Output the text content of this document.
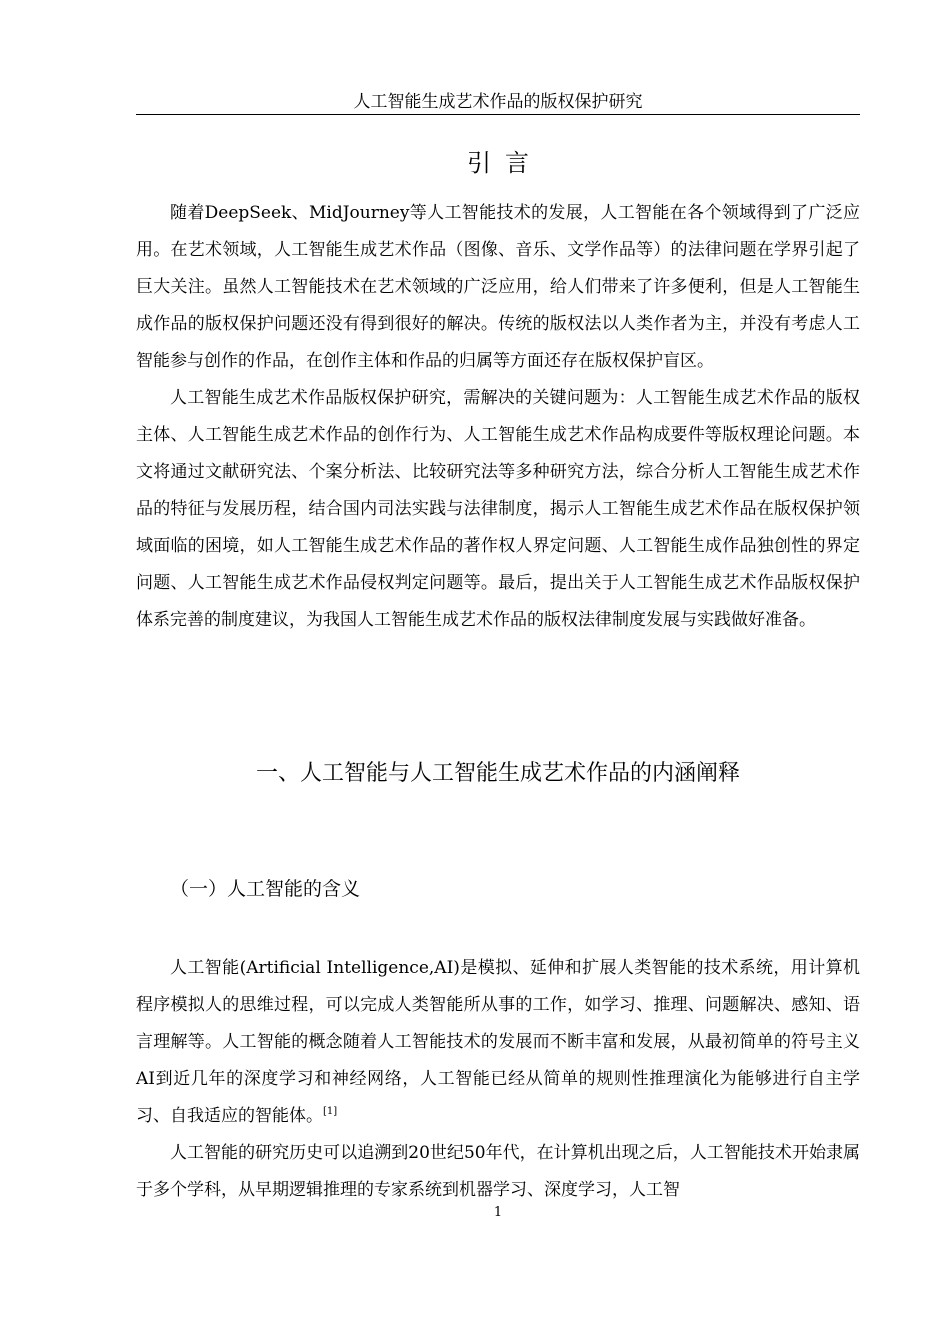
人工智能生成艺术作品的版权保护研究
引言

随着DeepSeek、MidJourney等人工智能技术的发展，人工智能在各个领域得到了广泛应用。在艺术领域，人工智能生成艺术作品（图像、音乐、文学作品等）的法律问题在学界引起了巨大关注。虽然人工智能技术在艺术领域的广泛应用，给人们带来了许多便利，但是人工智能生成作品的版权保护问题还没有得到很好的解决。传统的版权法以人类作者为主，并没有考虑人工智能参与创作的作品，在创作主体和作品的归属等方面还存在版权保护盲区。

人工智能生成艺术作品版权保护研究，需解决的关键问题为：人工智能生成艺术作品的版权主体、人工智能生成艺术作品的创作行为、人工智能生成艺术作品构成要件等版权理论问题。本文将通过文献研究法、个案分析法、比较研究法等多种研究方法，综合分析人工智能生成艺术作品的特征与发展历程，结合国内司法实践与法律制度，揭示人工智能生成艺术作品在版权保护领域面临的困境，如人工智能生成艺术作品的著作权人界定问题、人工智能生成作品独创性的界定问题、人工智能生成艺术作品侵权判定问题等。最后，提出关于人工智能生成艺术作品版权保护体系完善的制度建议，为我国人工智能生成艺术作品的版权法律制度发展与实践做好准备。

一、人工智能与人工智能生成艺术作品的内涵阐释
（一）人工智能的含义

人工智能(Artificial Intelligence,AI)是模拟、延伸和扩展人类智能的技术系统，用计算机程序模拟人的思维过程，可以完成人类智能所从事的工作，如学习、推理、问题解决、感知、语言理解等。人工智能的概念随着人工智能技术的发展而不断丰富和发展，从最初简单的符号主义AI到近几年的深度学习和神经网络，人工智能已经从简单的规则性推理演化为能够进行自主学习、自我适应的智能体。[1]

人工智能的研究历史可以追溯到20世纪50年代，在计算机出现之后，人工智能技术开始隶属于多个学科，从早期逻辑推理的专家系统到机器学习、深度学习，人工智

1
